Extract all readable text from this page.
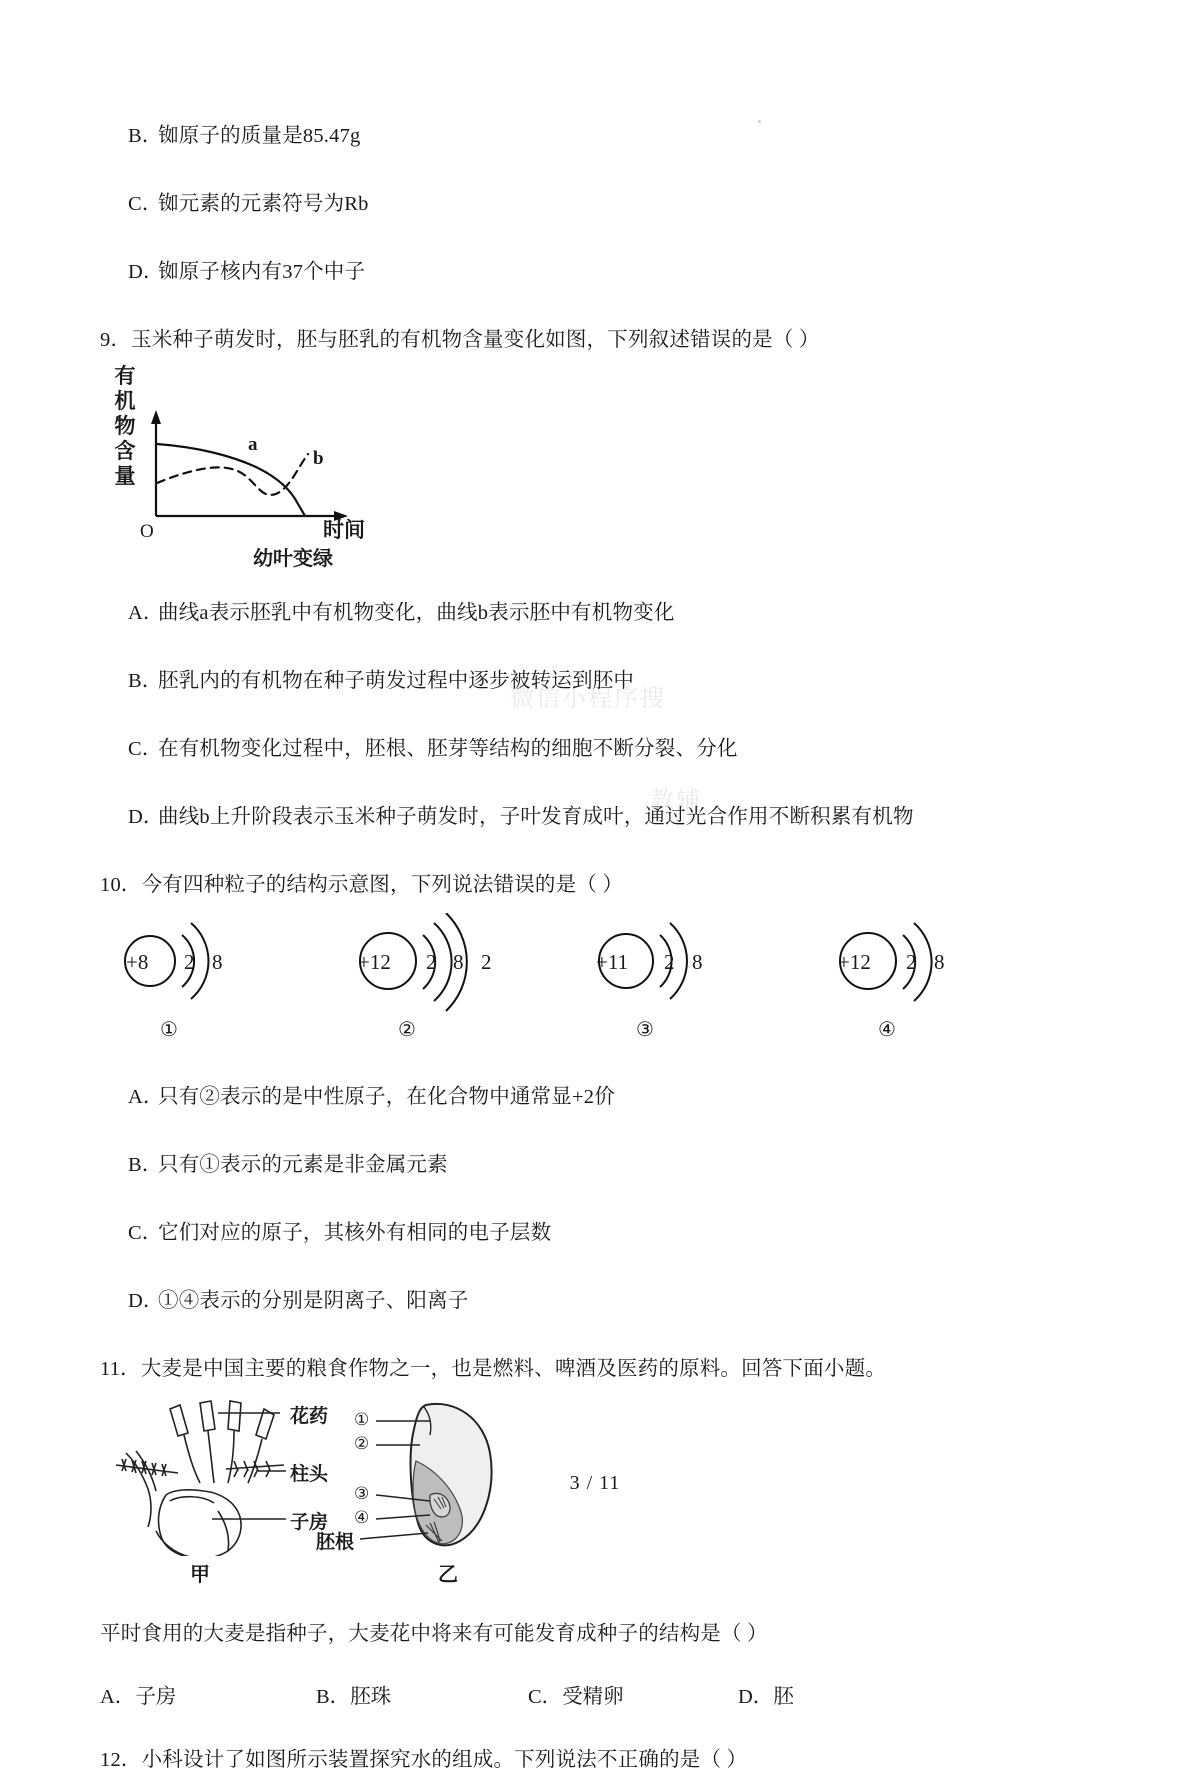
微信小程序搜
教辅
B．铷原子的质量是85.47g
C．铷元素的元素符号为Rb
D．铷原子核内有37个中子
9．玉米种子萌发时，胚与胚乳的有机物含量变化如图，下列叙述错误的是（ ）
有机物含量
a
b
O	时间
幼叶变绿
A．曲线a表示胚乳中有机物变化，曲线b表示胚中有机物变化
B．胚乳内的有机物在种子萌发过程中逐步被转运到胚中
C．在有机物变化过程中，胚根、胚芽等结构的细胞不断分裂、分化
D．曲线b上升阶段表示玉米种子萌发时，子叶发育成叶，通过光合作用不断积累有机物
10．今有四种粒子的结构示意图，下列说法错误的是（ ）
+8 2 8
①
+12 2 8 2
②
+11 2 8
③
+12 2 8
④
A．只有②表示的是中性原子，在化合物中通常显+2价
B．只有①表示的元素是非金属元素
C．它们对应的原子，其核外有相同的电子层数
D．①④表示的分别是阴离子、阳离子
11．大麦是中国主要的粮食作物之一，也是燃料、啤酒及医药的原料。回答下面小题。
花药
柱头
子房
①
②
③
④
胚根
甲	乙
平时食用的大麦是指种子，大麦花中将来有可能发育成种子的结构是（ ）
A．子房	B．胚珠	C．受精卵	D．胚
12．小科设计了如图所示装置探究水的组成。下列说法不正确的是（ ）
3 / 11
